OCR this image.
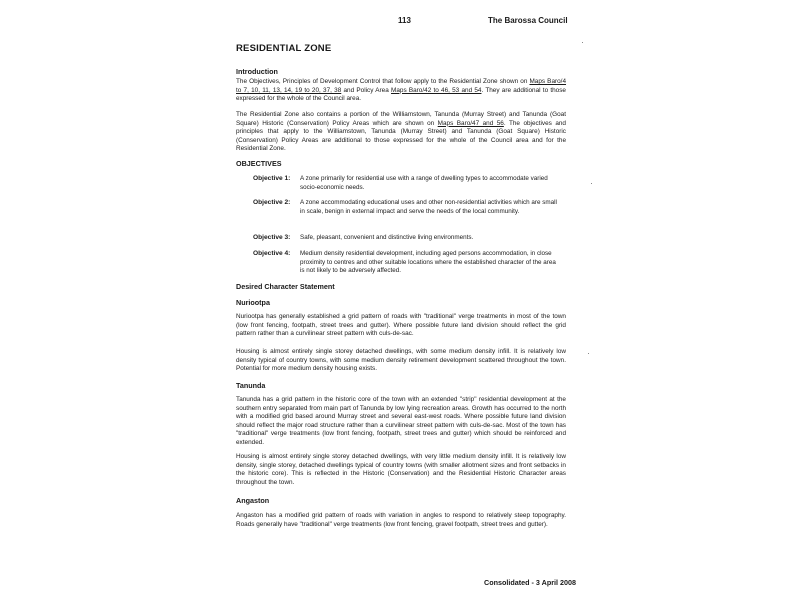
113	The Barossa Council
RESIDENTIAL ZONE
Introduction
The Objectives, Principles of Development Control that follow apply to the Residential Zone shown on Maps Baro/4 to 7, 10, 11, 13, 14, 19 to 20, 37, 38 and Policy Area Maps Baro/42 to 46, 53 and 54. They are additional to those expressed for the whole of the Council area.
The Residential Zone also contains a portion of the Williamstown, Tanunda (Murray Street) and Tanunda (Goat Square) Historic (Conservation) Policy Areas which are shown on Maps Baro/47 and 56. The objectives and principles that apply to the Williamstown, Tanunda (Murray Street) and Tanunda (Goat Square) Historic (Conservation) Policy Areas are additional to those expressed for the whole of the Council area and for the Residential Zone.
OBJECTIVES
Objective 1: A zone primarily for residential use with a range of dwelling types to accommodate varied socio-economic needs.
Objective 2: A zone accommodating educational uses and other non-residential activities which are small in scale, benign in external impact and serve the needs of the local community.
Objective 3: Safe, pleasant, convenient and distinctive living environments.
Objective 4: Medium density residential development, including aged persons accommodation, in close proximity to centres and other suitable locations where the established character of the area is not likely to be adversely affected.
Desired Character Statement
Nuriootpa
Nuriootpa has generally established a grid pattern of roads with "traditional" verge treatments in most of the town (low front fencing, footpath, street trees and gutter). Where possible future land division should reflect the grid pattern rather than a curvilinear street pattern with culs-de-sac.
Housing is almost entirely single storey detached dwellings, with some medium density infill. It is relatively low density typical of country towns, with some medium density retirement development scattered throughout the town. Potential for more medium density housing exists.
Tanunda
Tanunda has a grid pattern in the historic core of the town with an extended "strip" residential development at the southern entry separated from main part of Tanunda by low lying recreation areas. Growth has occurred to the north with a modified grid based around Murray street and several east-west roads. Where possible future land division should reflect the major road structure rather than a curvilinear street pattern with culs-de-sac. Most of the town has "traditional" verge treatments (low front fencing, footpath, street trees and gutter) which should be reinforced and extended.
Housing is almost entirely single storey detached dwellings, with very little medium density infill. It is relatively low density, single storey, detached dwellings typical of country towns (with smaller allotment sizes and front setbacks in the historic core). This is reflected in the Historic (Conservation) and the Residential Historic Character areas throughout the town.
Angaston
Angaston has a modified grid pattern of roads with variation in angles to respond to relatively steep topography. Roads generally have "traditional" verge treatments (low front fencing, gravel footpath, street trees and gutter).
Consolidated - 3 April 2008
